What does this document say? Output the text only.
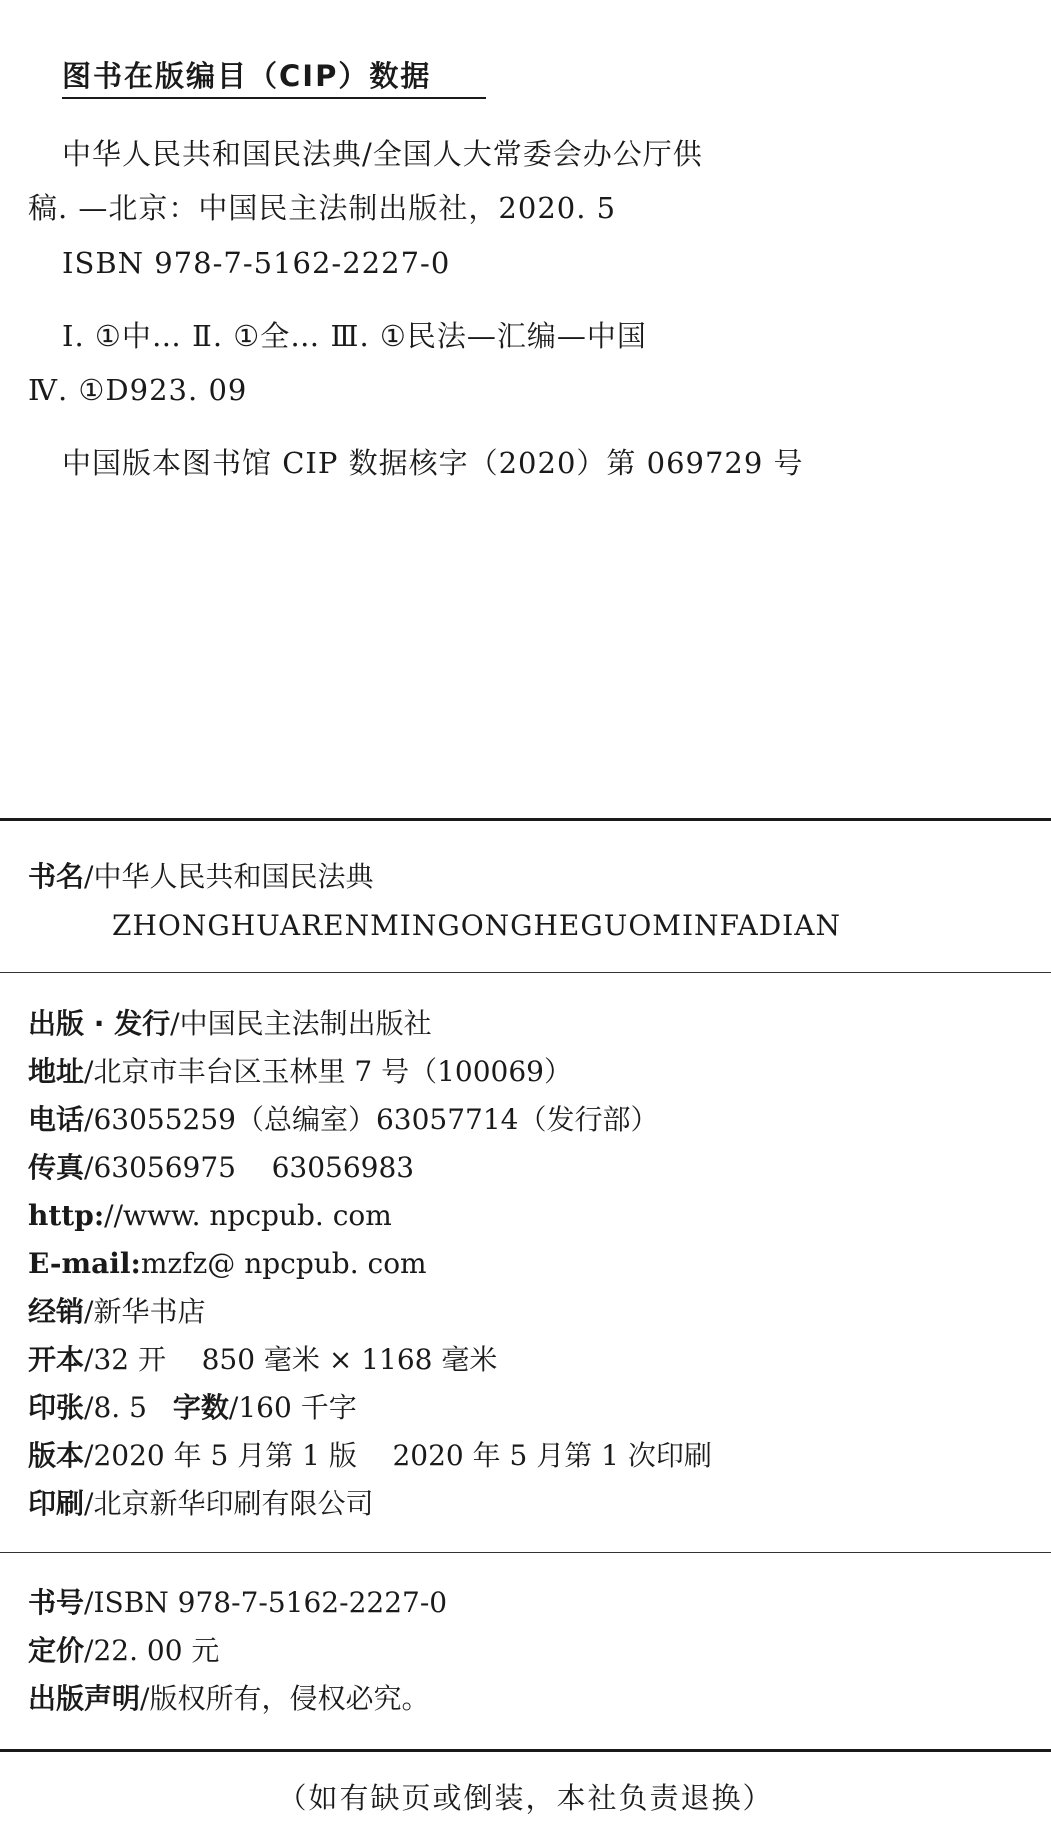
图书在版编目（CIP）数据
中华人民共和国民法典/全国人大常委会办公厅供
稿. —北京：中国民主法制出版社，2020. 5
ISBN 978-7-5162-2227-0
Ⅰ. ①中… Ⅱ. ①全… Ⅲ. ①民法—汇编—中国
Ⅳ. ①D923. 09
中国版本图书馆 CIP 数据核字（2020）第 069729 号
书名/中华人民共和国民法典
ZHONGHUARENMINGONGHEGUOMINFADIAN
出版 · 发行/中国民主法制出版社
地址/北京市丰台区玉林里 7 号（100069）
电话/63055259（总编室）63057714（发行部）
传真/63056975    63056983
http://www. npcpub. com
E-mail:mzfz@ npcpub. com
经销/新华书店
开本/32 开    850 毫米 × 1168 毫米
印张/8. 5 字数/160 千字
版本/2020 年 5 月第 1 版    2020 年 5 月第 1 次印刷
印刷/北京新华印刷有限公司
书号/ISBN 978-7-5162-2227-0
定价/22. 00 元
出版声明/版权所有，侵权必究。
（如有缺页或倒装，本社负责退换）
